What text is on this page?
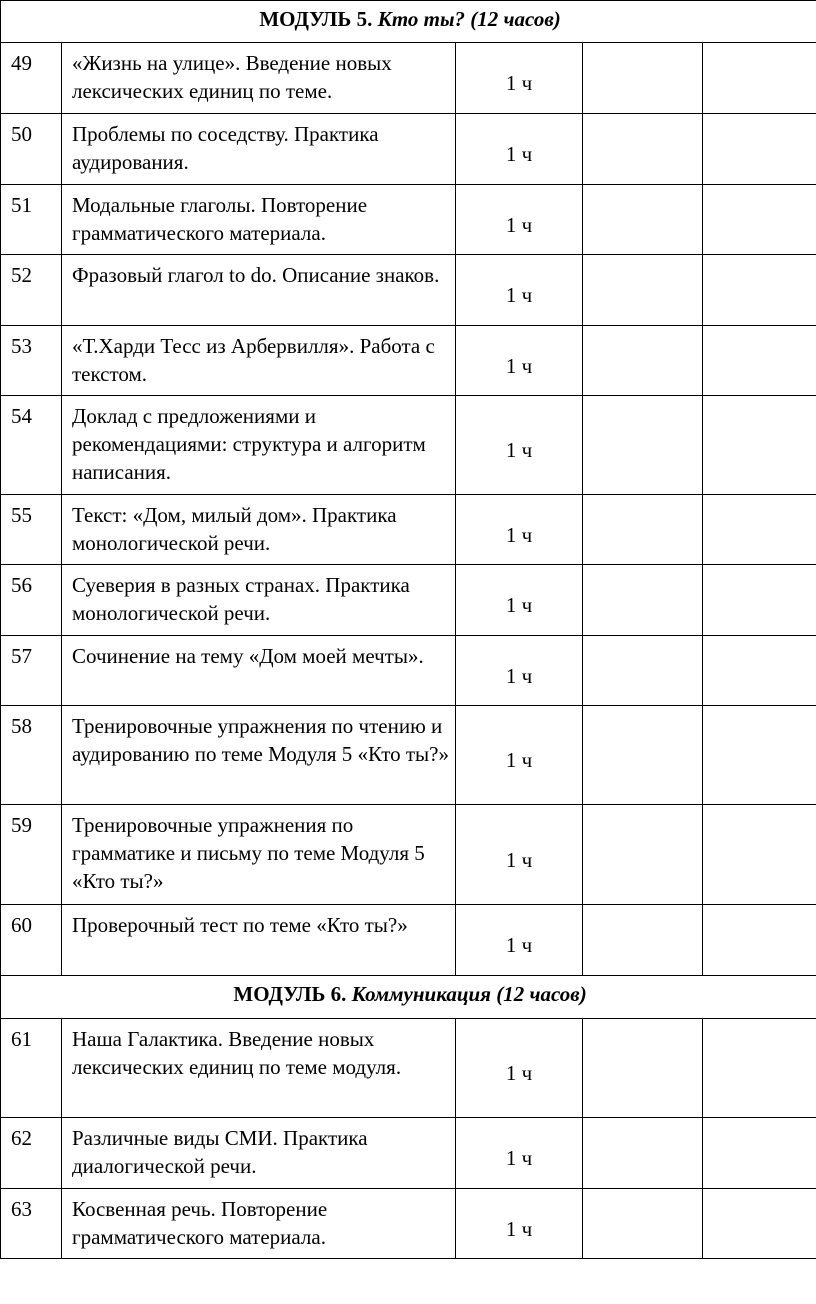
МОДУЛЬ 5. Кто ты? (12 часов)				
49	«Жизнь на улице». Введение новых лексических единиц по теме.	1 ч		
50	Проблемы по соседству. Практика аудирования.	1 ч		
51	Модальные глаголы. Повторение грамматического материала.	1 ч		
52	Фразовый глагол to do. Описание знаков.	1 ч		
53	«Т.Харди Тесс из Арбервилля». Работа с текстом.	1 ч		
54	Доклад с предложениями и рекомендациями: структура и алгоритм написания.	1 ч		
55	Текст: «Дом, милый дом». Практика монологической речи.	1 ч		
56	Суеверия в разных странах. Практика монологической речи.	1 ч		
57	Сочинение на тему «Дом моей мечты».	1 ч		
58	Тренировочные упражнения по чтению и аудированию по теме Модуля 5 «Кто ты?»	1 ч		
59	Тренировочные упражнения по грамматике и письму по теме Модуля 5 «Кто ты?»	1 ч		
60	Проверочный тест по теме «Кто ты?»	1 ч		
МОДУЛЬ 6. Коммуникация (12 часов)				
61	Наша Галактика. Введение новых лексических единиц по теме модуля.	1 ч		
62	Различные виды СМИ. Практика диалогической речи.	1 ч		
63	Косвенная речь. Повторение грамматического материала.	1 ч		
